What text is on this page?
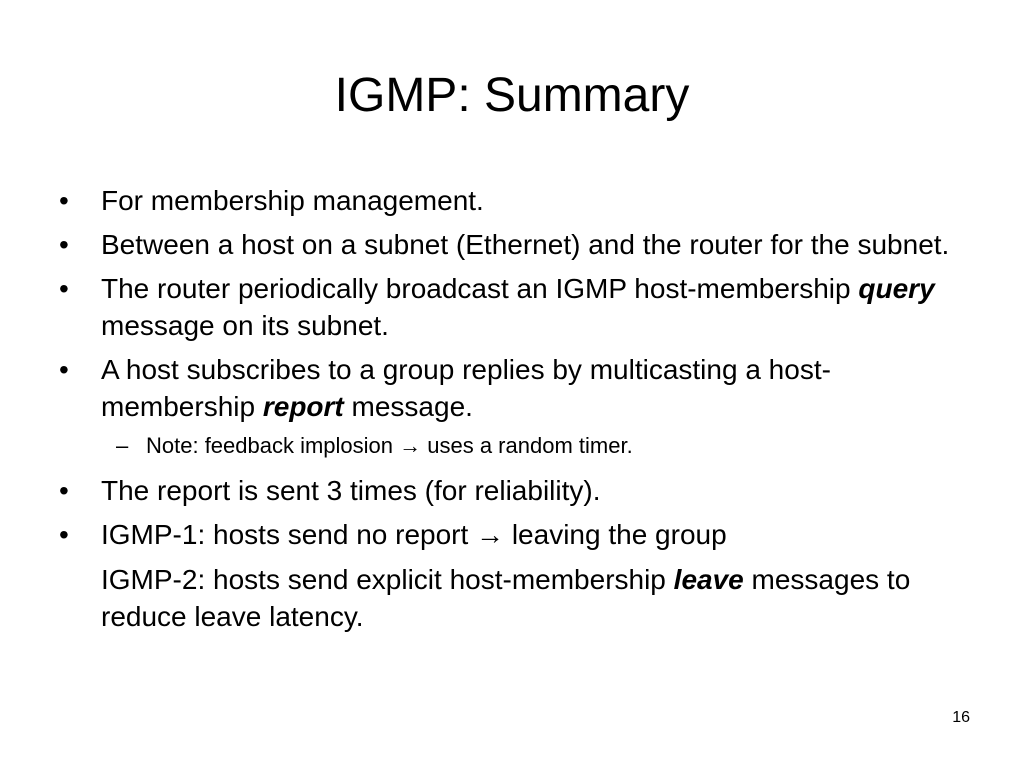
IGMP: Summary
• For membership management.
• Between a host on a subnet (Ethernet) and the router for the subnet.
• The router periodically broadcast an IGMP host-membership query message on its subnet.
• A host subscribes to a group replies by multicasting a host-membership report message.
– Note: feedback implosion → uses a random timer.
• The report is sent 3 times (for reliability).
• IGMP-1: hosts send no report → leaving the group
IGMP-2: hosts send explicit host-membership leave messages to reduce leave latency.
16
